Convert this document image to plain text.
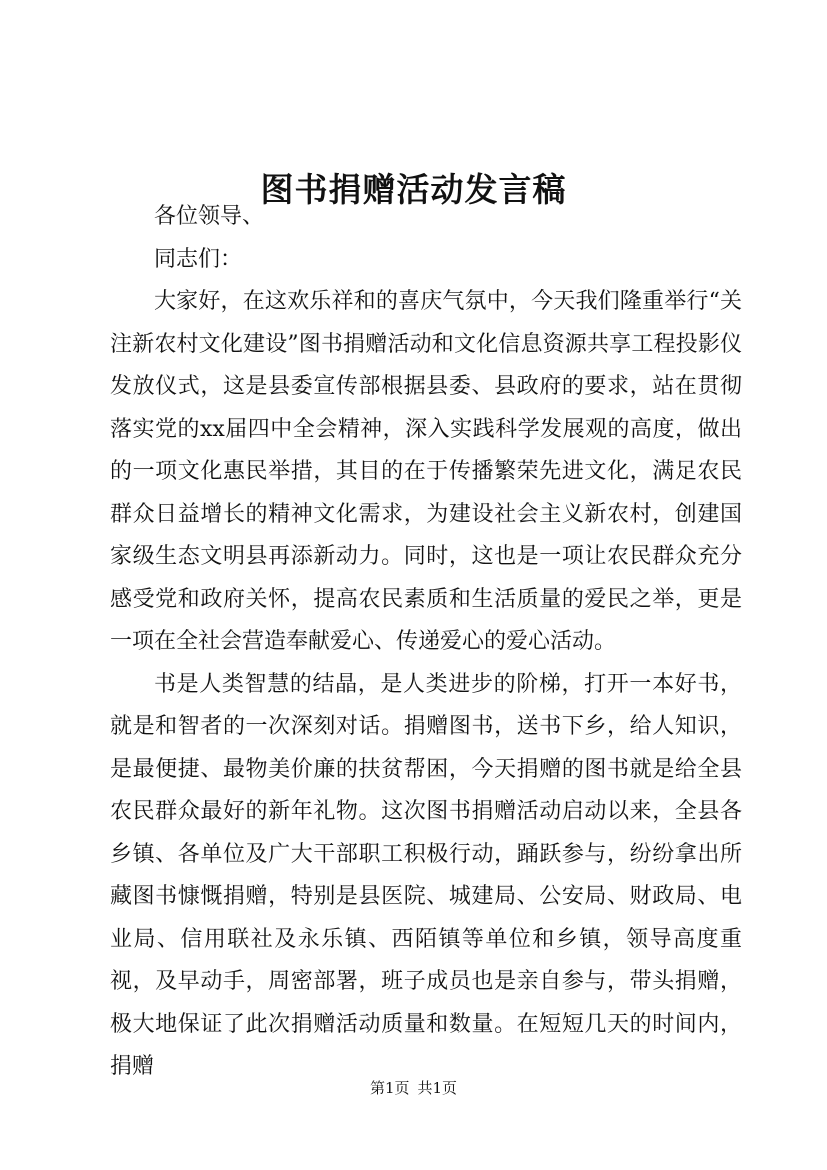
图书捐赠活动发言稿

各位领导、

同志们：

大家好，在这欢乐祥和的喜庆气氛中，今天我们隆重举行“关注新农村文化建设”图书捐赠活动和文化信息资源共享工程投影仪发放仪式，这是县委宣传部根据县委、县政府的要求，站在贯彻落实党的xx届四中全会精神，深入实践科学发展观的高度，做出的一项文化惠民举措，其目的在于传播繁荣先进文化，满足农民群众日益增长的精神文化需求，为建设社会主义新农村，创建国家级生态文明县再添新动力。同时，这也是一项让农民群众充分感受党和政府关怀，提高农民素质和生活质量的爱民之举，更是一项在全社会营造奉献爱心、传递爱心的爱心活动。

书是人类智慧的结晶，是人类进步的阶梯，打开一本好书，就是和智者的一次深刻对话。捐赠图书，送书下乡，给人知识，是最便捷、最物美价廉的扶贫帮困，今天捐赠的图书就是给全县农民群众最好的新年礼物。这次图书捐赠活动启动以来，全县各乡镇、各单位及广大干部职工积极行动，踊跃参与，纷纷拿出所藏图书慷慨捐赠，特别是县医院、城建局、公安局、财政局、电业局、信用联社及永乐镇、西陌镇等单位和乡镇，领导高度重视，及早动手，周密部署，班子成员也是亲自参与，带头捐赠，极大地保证了此次捐赠活动质量和数量。在短短几天的时间内，捐赠

第1页 共1页
